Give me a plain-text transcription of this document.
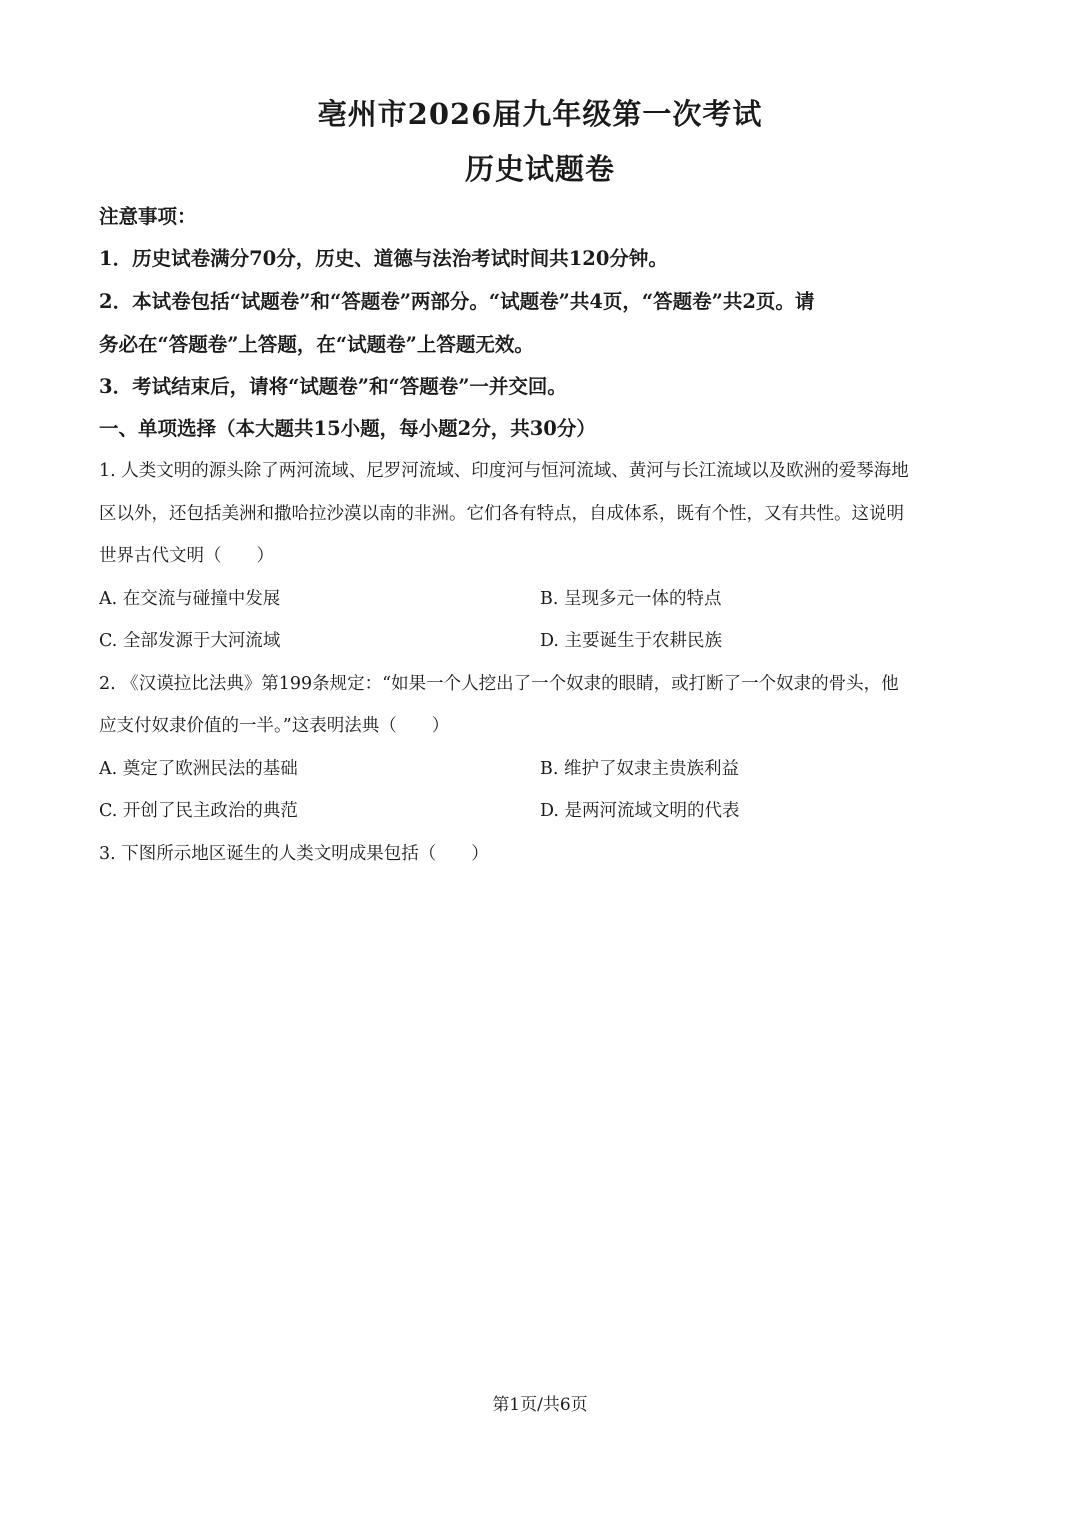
亳州市2026届九年级第一次考试
历史试题卷
注意事项：
1．历史试卷满分70分，历史、道德与法治考试时间共120分钟。
2．本试卷包括“试题卷”和“答题卷”两部分。“试题卷”共4页，“答题卷”共2页。请
务必在“答题卷”上答题，在“试题卷”上答题无效。
3．考试结束后，请将“试题卷”和“答题卷”一并交回。
一、单项选择（本大题共15小题，每小题2分，共30分）
1. 人类文明的源头除了两河流域、尼罗河流域、印度河与恒河流域、黄河与长江流域以及欧洲的爱琴海地
区以外，还包括美洲和撒哈拉沙漠以南的非洲。它们各有特点，自成体系，既有个性，又有共性。这说明
世界古代文明（　　）
A. 在交流与碰撞中发展	B. 呈现多元一体的特点
C. 全部发源于大河流域	D. 主要诞生于农耕民族
2. 《汉谟拉比法典》第199条规定：“如果一个人挖出了一个奴隶的眼睛，或打断了一个奴隶的骨头，他
应支付奴隶价值的一半。”这表明法典（　　）
A. 奠定了欧洲民法的基础	B. 维护了奴隶主贵族利益
C. 开创了民主政治的典范	D. 是两河流域文明的代表
3. 下图所示地区诞生的人类文明成果包括（　　）
第1页/共6页
